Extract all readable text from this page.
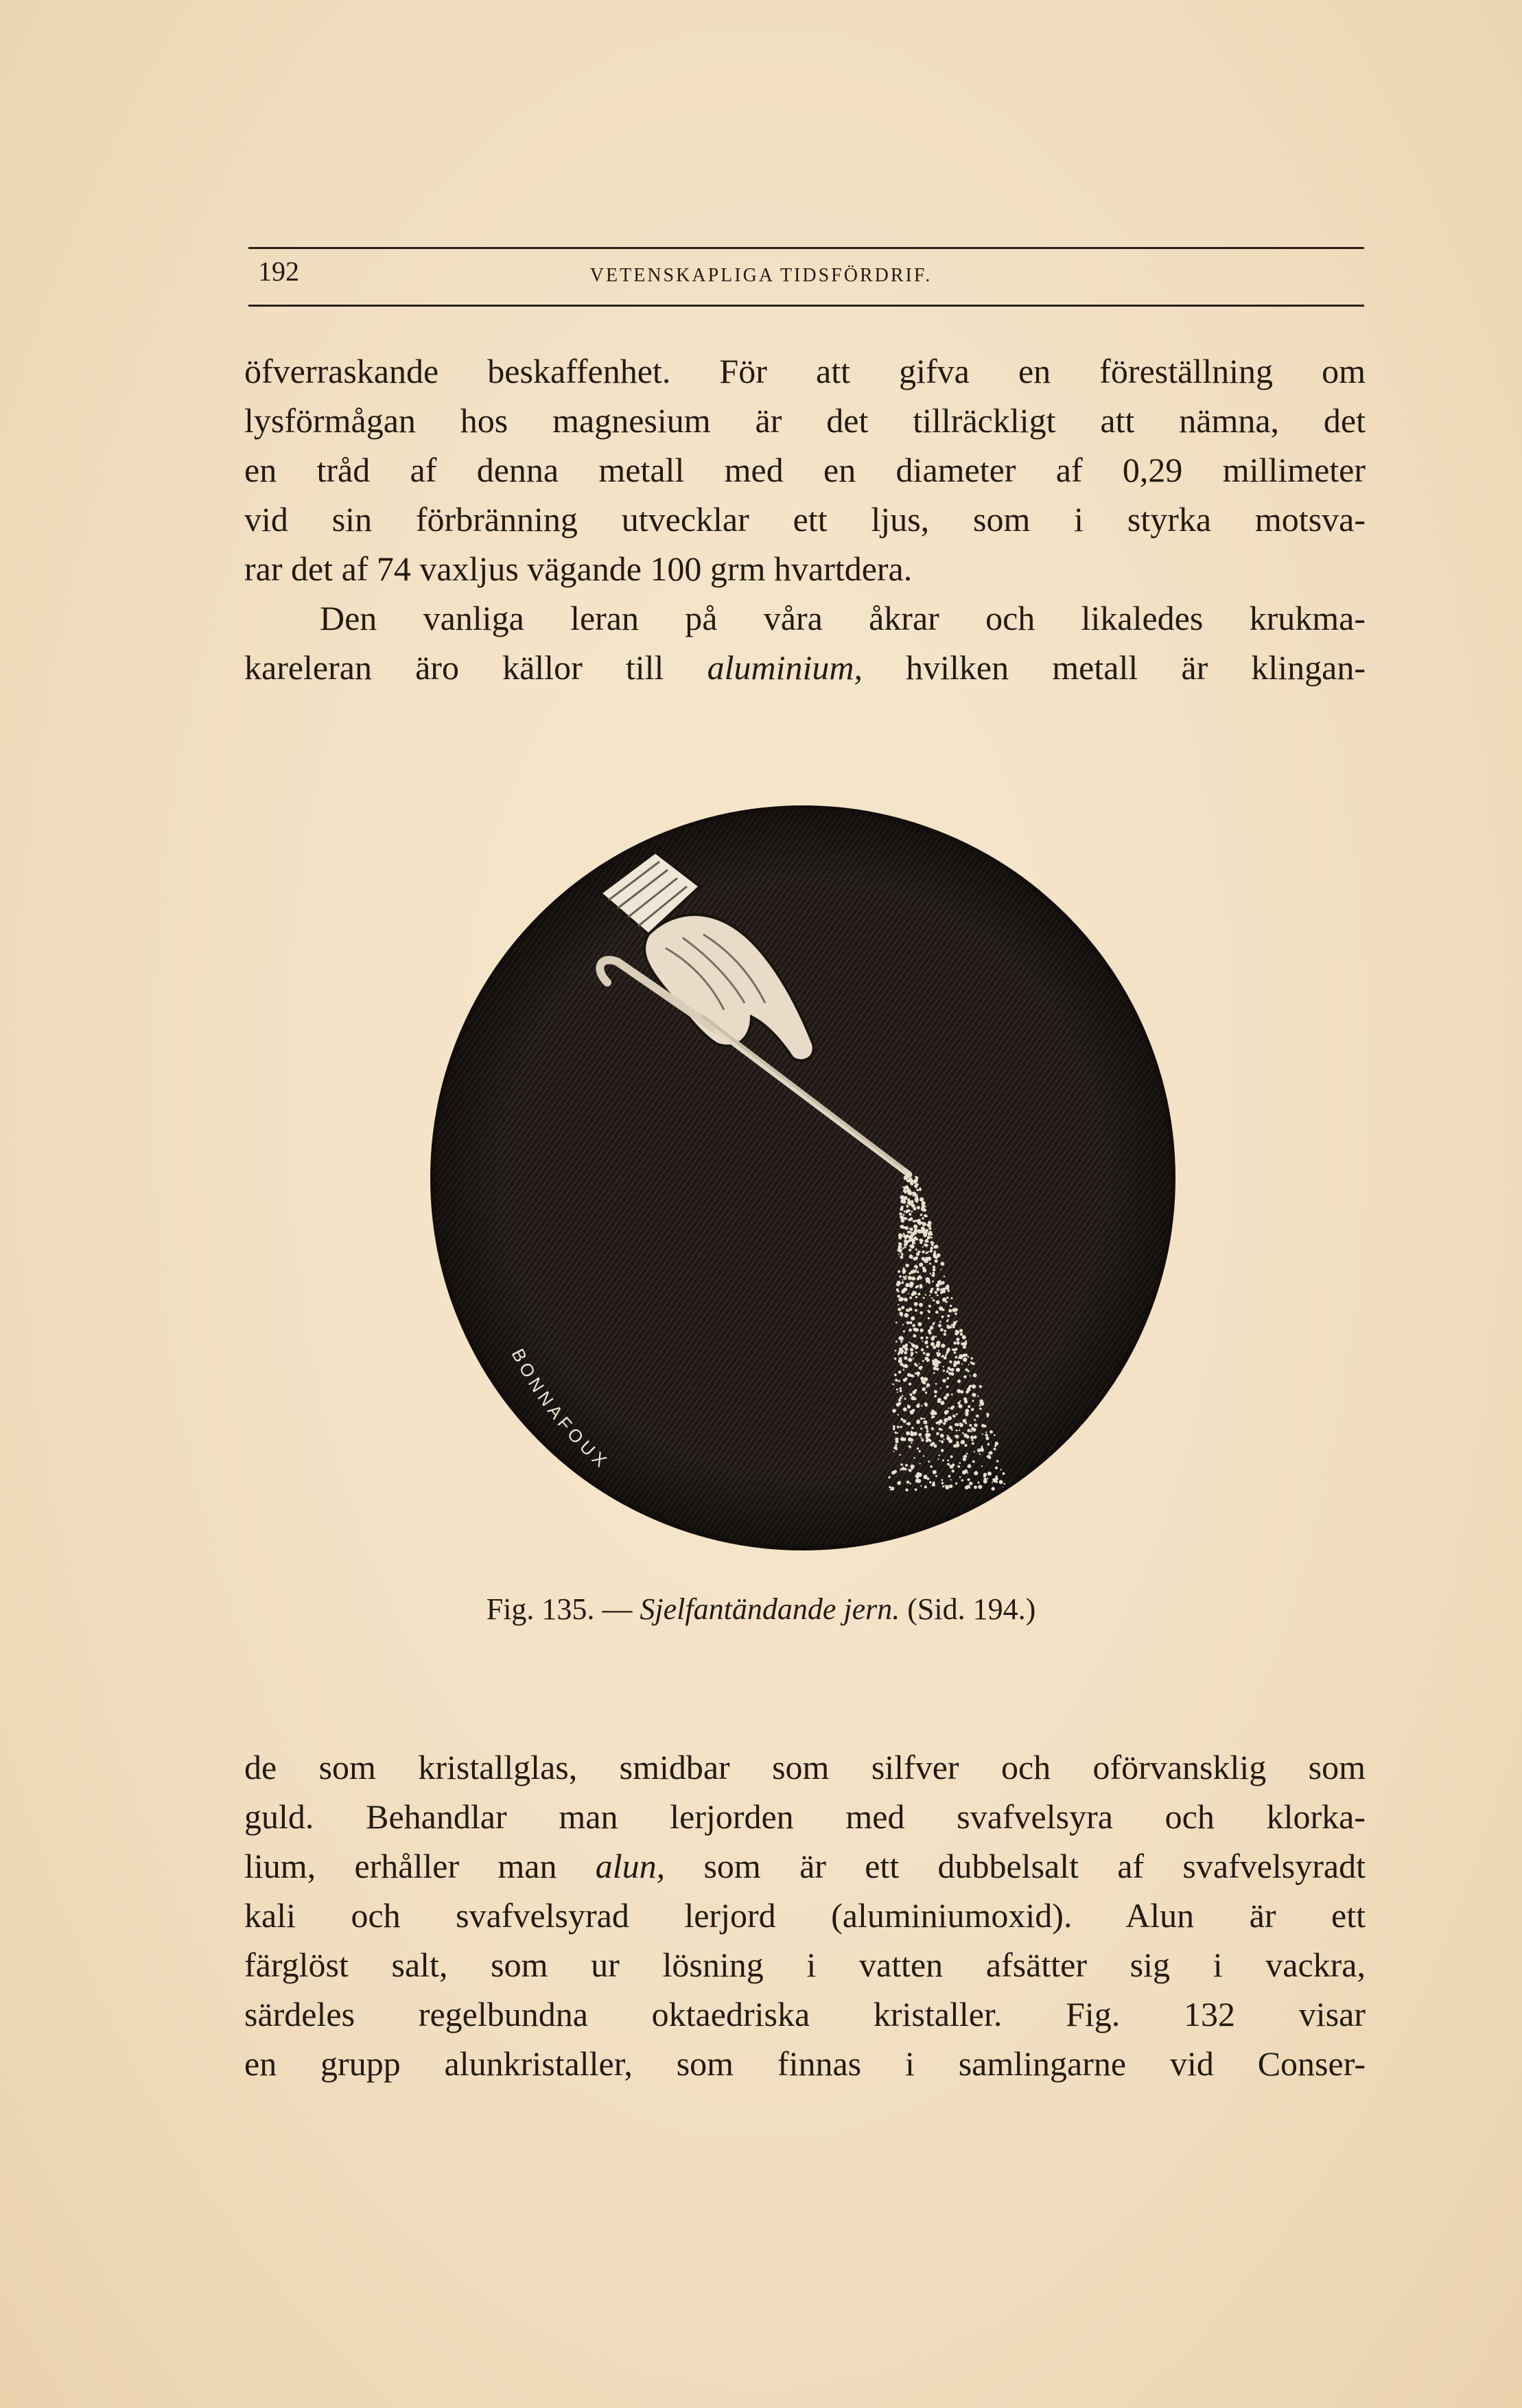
192	VETENSKAPLIGA TIDSFÖRDRIF.
öfverraskande beskaffenhet. För att gifva en föreställning om
lysförmågan hos magnesium är det tillräckligt att nämna, det
en tråd af denna metall med en diameter af 0,29 millimeter
vid sin förbränning utvecklar ett ljus, som i styrka motsva-
rar det af 74 vaxljus vägande 100 grm hvartdera.
Den vanliga leran på våra åkrar och likaledes krukma-
kareleran äro källor till aluminium, hvilken metall är klingan-
BONNAFOUX
Fig. 135. — Sjelfantändande jern. (Sid. 194.)
de som kristallglas, smidbar som silfver och oförvansklig som
guld. Behandlar man lerjorden med svafvelsyra och klorka-
lium, erhåller man alun, som är ett dubbelsalt af svafvelsyradt
kali och svafvelsyrad lerjord (aluminiumoxid). Alun är ett
färglöst salt, som ur lösning i vatten afsätter sig i vackra,
särdeles regelbundna oktaedriska kristaller. Fig. 132 visar
en grupp alunkristaller, som finnas i samlingarne vid Conser-
